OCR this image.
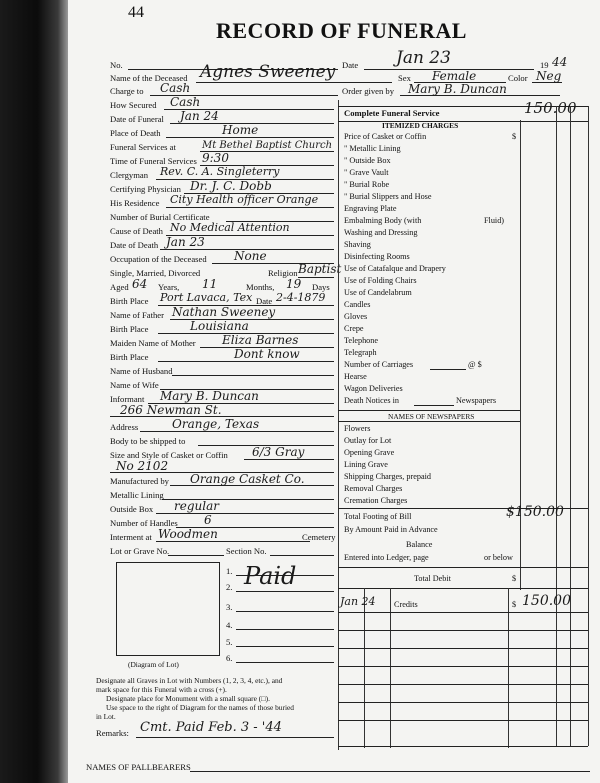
44
RECORD OF FUNERAL
No.	Date Jan 23	19 44
Name of the Deceased Agnes Sweeney	Sex Female	Color Neg
Charge to Cash	Order given by Mary B. Duncan
How Secured Cash
Date of Funeral Jan 24
Place of Death	Home
Funeral Services at	Mt Bethel Baptist Church
Time of Funeral Services 9:30
Clergyman Rev. C. A. Singleterry
Certifying Physician Dr. J. C. Dobb
His Residence City Health officer Orange
Number of Burial Certificate
Cause of Death No Medical Attention
Date of Death Jan 23
Occupation of the Deceased None
Single, Married, Divorced	Religion Baptist
Aged 64 Years, 11	Months, 19 Days
Birth Place Port Lavaca, Tex Date 2-4-1879
Name of Father Nathan Sweeney
Birth Place	Louisiana
Maiden Name of Mother Eliza Barnes
Birth Place	Dont know
Name of Husband
Name of Wife
Informant Mary B. Duncan
266 Newman St.
Address	Orange, Texas
Body to be shipped to
Size and Style of Casket or Coffin 6/3 Gray
No 2102
Manufactured by Orange Casket Co.
Metallic Lining
Outside Box regular
Number of Handles 6
Interment at Woodmen	Cemetery
Lot or Grave No.	Section No.
(Diagram of Lot)
1.
2.
3.
4.
5.
6.
Paid
Designate all Graves in Lot with Numbers (1, 2, 3, 4, etc.), and
mark space for this Funeral with a cross (+).
Designate place for Monument with a small square (□).
Use space to the right of Diagram for the names of those buried
in Lot.
Remarks: Cmt. Paid Feb. 3 - '44
NAMES OF PALLBEARERS
Complete Funeral Service	150.00
ITEMIZED CHARGES
Price of Casket or Coffin	$
" Metallic Lining
" Outside Box
" Grave Vault
" Burial Robe
" Burial Slippers and Hose
Engraving Plate
Embalming Body (with	Fluid)
Washing and Dressing
Shaving
Disinfecting Rooms
Use of Catafalque and Drapery
Use of Folding Chairs
Use of Candelabrum
Candles
Gloves
Crepe
Telephone
Telegraph
Number of Carriages	@ $
Hearse
Wagon Deliveries
Death Notices in	Newspapers
NAMES OF NEWSPAPERS
Flowers
Outlay for Lot
Opening Grave
Lining Grave
Shipping Charges, prepaid
Removal Charges
Cremation Charges
Total Footing of Bill	$150.00
By Amount Paid in Advance
Balance
Entered into Ledger, page	or below
Total Debit	$
Jan 24 Credits	$ 150.00
